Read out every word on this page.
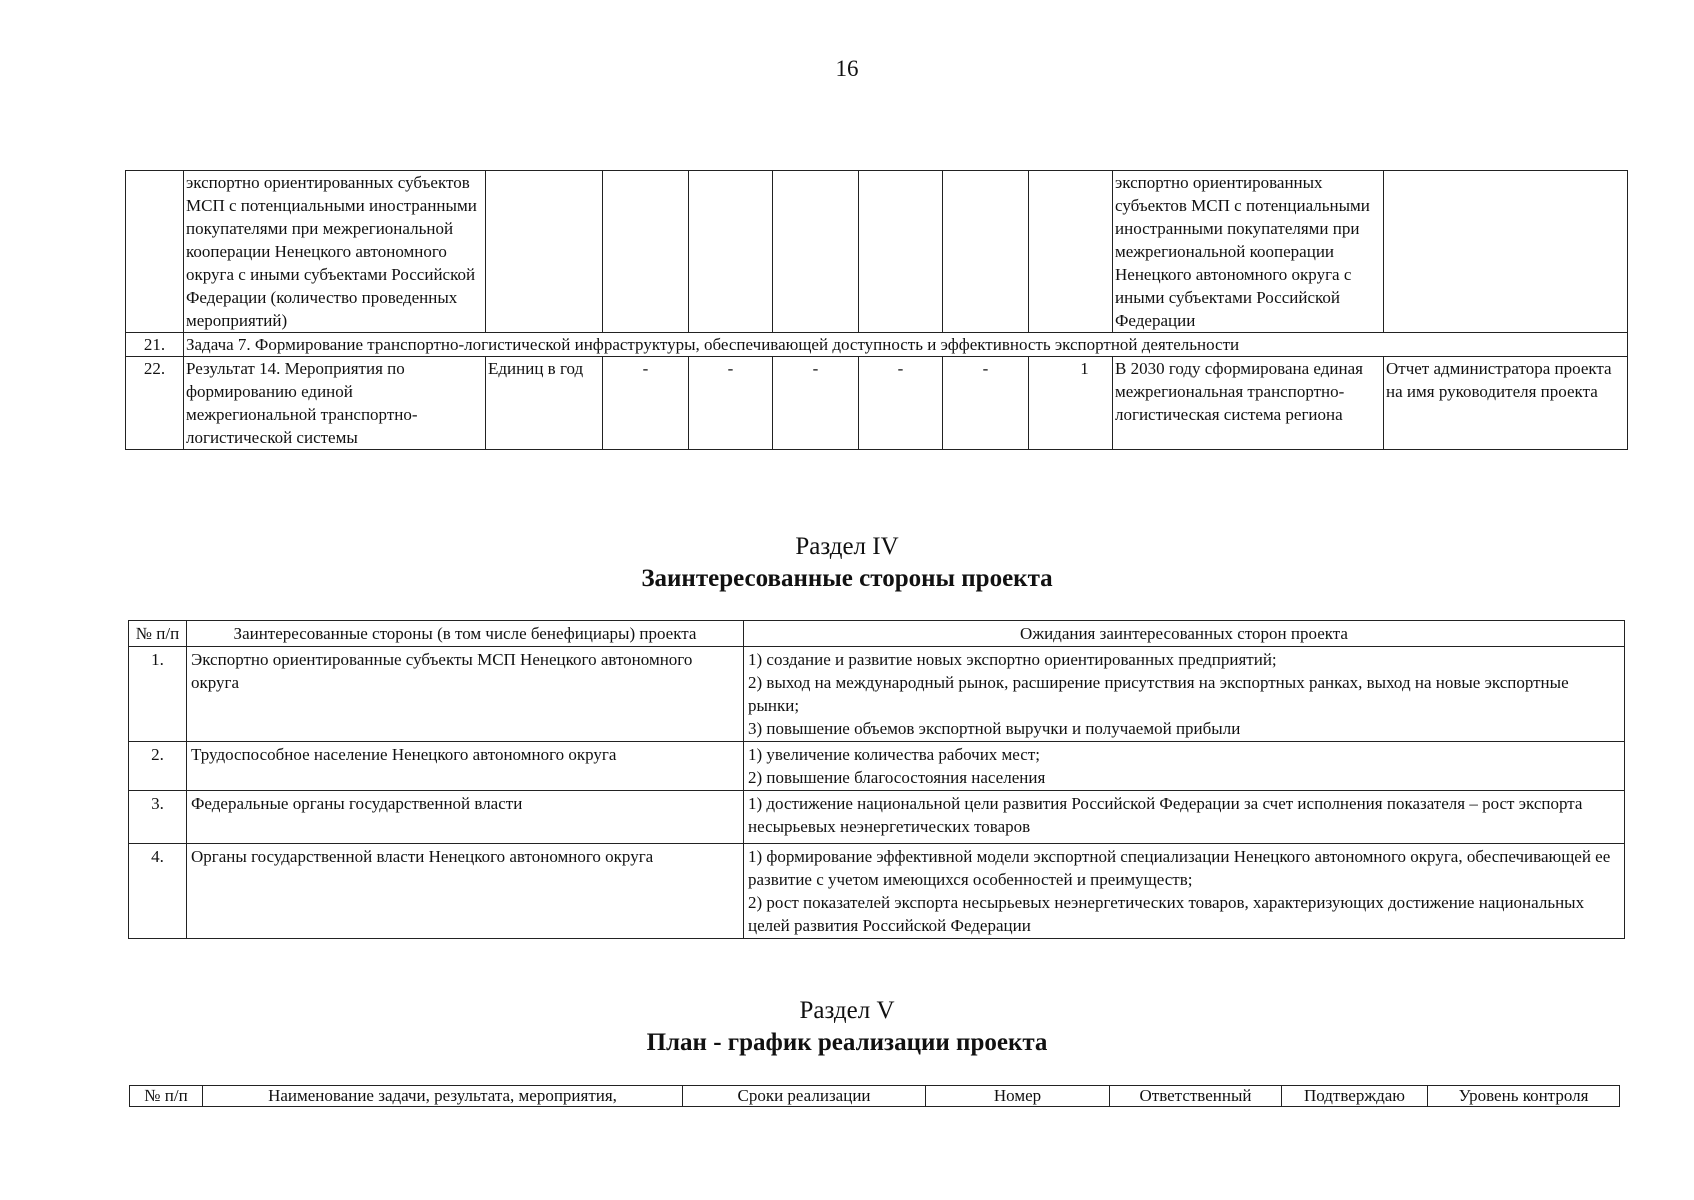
16
	экспортно ориентированных субъектов МСП с потенциальными иностранными покупателями при межрегиональной кооперации Ненецкого автономного округа с иными субъектами Российской Федерации (количество проведенных мероприятий)								экспортно ориентированных субъектов МСП с потенциальными иностранными покупателями при межрегиональной кооперации Ненецкого автономного округа с иными субъектами Российской Федерации	
21.	Задача 7. Формирование транспортно-логистической инфраструктуры, обеспечивающей доступность и эффективность экспортной деятельности									
22.	Результат 14. Мероприятия по формированию единой межрегиональной транспортно-логистической системы	Единиц в год	-	-	-	-	-	1	В 2030 году сформирована единая межрегиональная транспортно-логистическая система региона	Отчет администратора проекта на имя руководителя проекта
Раздел IV
Заинтересованные стороны проекта
№ п/п	Заинтересованные стороны (в том числе бенефициары) проекта	Ожидания заинтересованных сторон проекта
1.	Экспортно ориентированные субъекты МСП Ненецкого автономного округа	1) создание и развитие новых экспортно ориентированных предприятий;
2) выход на международный рынок, расширение присутствия на экспортных ранках, выход на новые экспортные рынки;
3) повышение объемов экспортной выручки и получаемой прибыли

2.	Трудоспособное население Ненецкого автономного округа	1) увеличение количества рабочих мест;
2) повышение благосостояния населения

3.	Федеральные органы государственной власти	1) достижение национальной цели развития Российской Федерации за счет исполнения показателя – рост экспорта несырьевых неэнергетических товаров

4.	Органы государственной власти Ненецкого автономного округа	1) формирование эффективной модели экспортной специализации Ненецкого автономного округа, обеспечивающей ее развитие с учетом имеющихся особенностей и преимуществ;
2) рост показателей экспорта несырьевых неэнергетических товаров, характеризующих достижение национальных целей развития Российской Федерации
Раздел V
План - график реализации проекта
№ п/п	Наименование задачи, результата, мероприятия,	Сроки реализации	Номер	Ответственный	Подтверждаю	Уровень контроля
